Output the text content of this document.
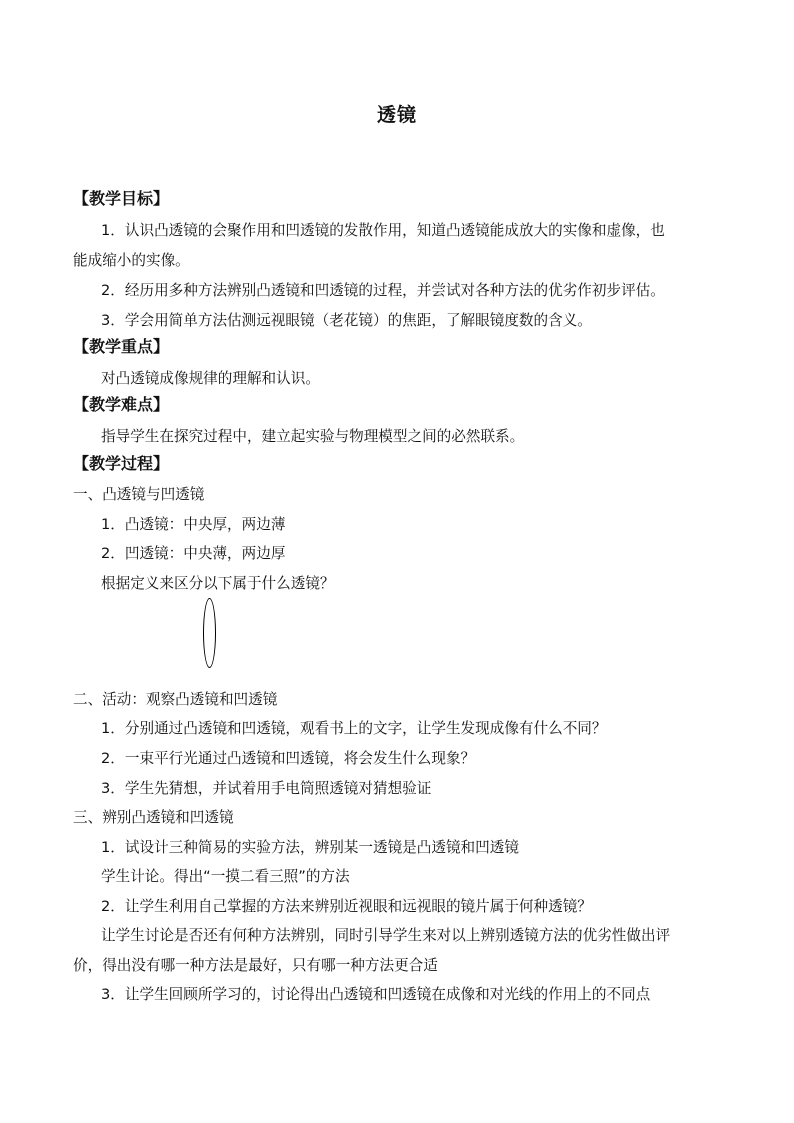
透镜
【教学目标】
1．认识凸透镜的会聚作用和凹透镜的发散作用，知道凸透镜能成放大的实像和虚像，也
能成缩小的实像。
2．经历用多种方法辨别凸透镜和凹透镜的过程，并尝试对各种方法的优劣作初步评估。
3．学会用简单方法估测远视眼镜（老花镜）的焦距，了解眼镜度数的含义。
【教学重点】
对凸透镜成像规律的理解和认识。
【教学难点】
指导学生在探究过程中，建立起实验与物理模型之间的必然联系。
【教学过程】
一、凸透镜与凹透镜
1．凸透镜：中央厚，两边薄
2．凹透镜：中央薄，两边厚
根据定义来区分以下属于什么透镜？
二、活动：观察凸透镜和凹透镜
1．分别通过凸透镜和凹透镜，观看书上的文字，让学生发现成像有什么不同？
2．一束平行光通过凸透镜和凹透镜，将会发生什么现象？
3．学生先猜想，并试着用手电筒照透镜对猜想验证
三、辨别凸透镜和凹透镜
1．试设计三种简易的实验方法，辨别某一透镜是凸透镜和凹透镜
学生计论。得出“一摸二看三照”的方法
2．让学生利用自己掌握的方法来辨别近视眼和远视眼的镜片属于何种透镜？
让学生讨论是否还有何种方法辨别，同时引导学生来对以上辨别透镜方法的优劣性做出评
价，得出没有哪一种方法是最好，只有哪一种方法更合适
3．让学生回顾所学习的，讨论得出凸透镜和凹透镜在成像和对光线的作用上的不同点
